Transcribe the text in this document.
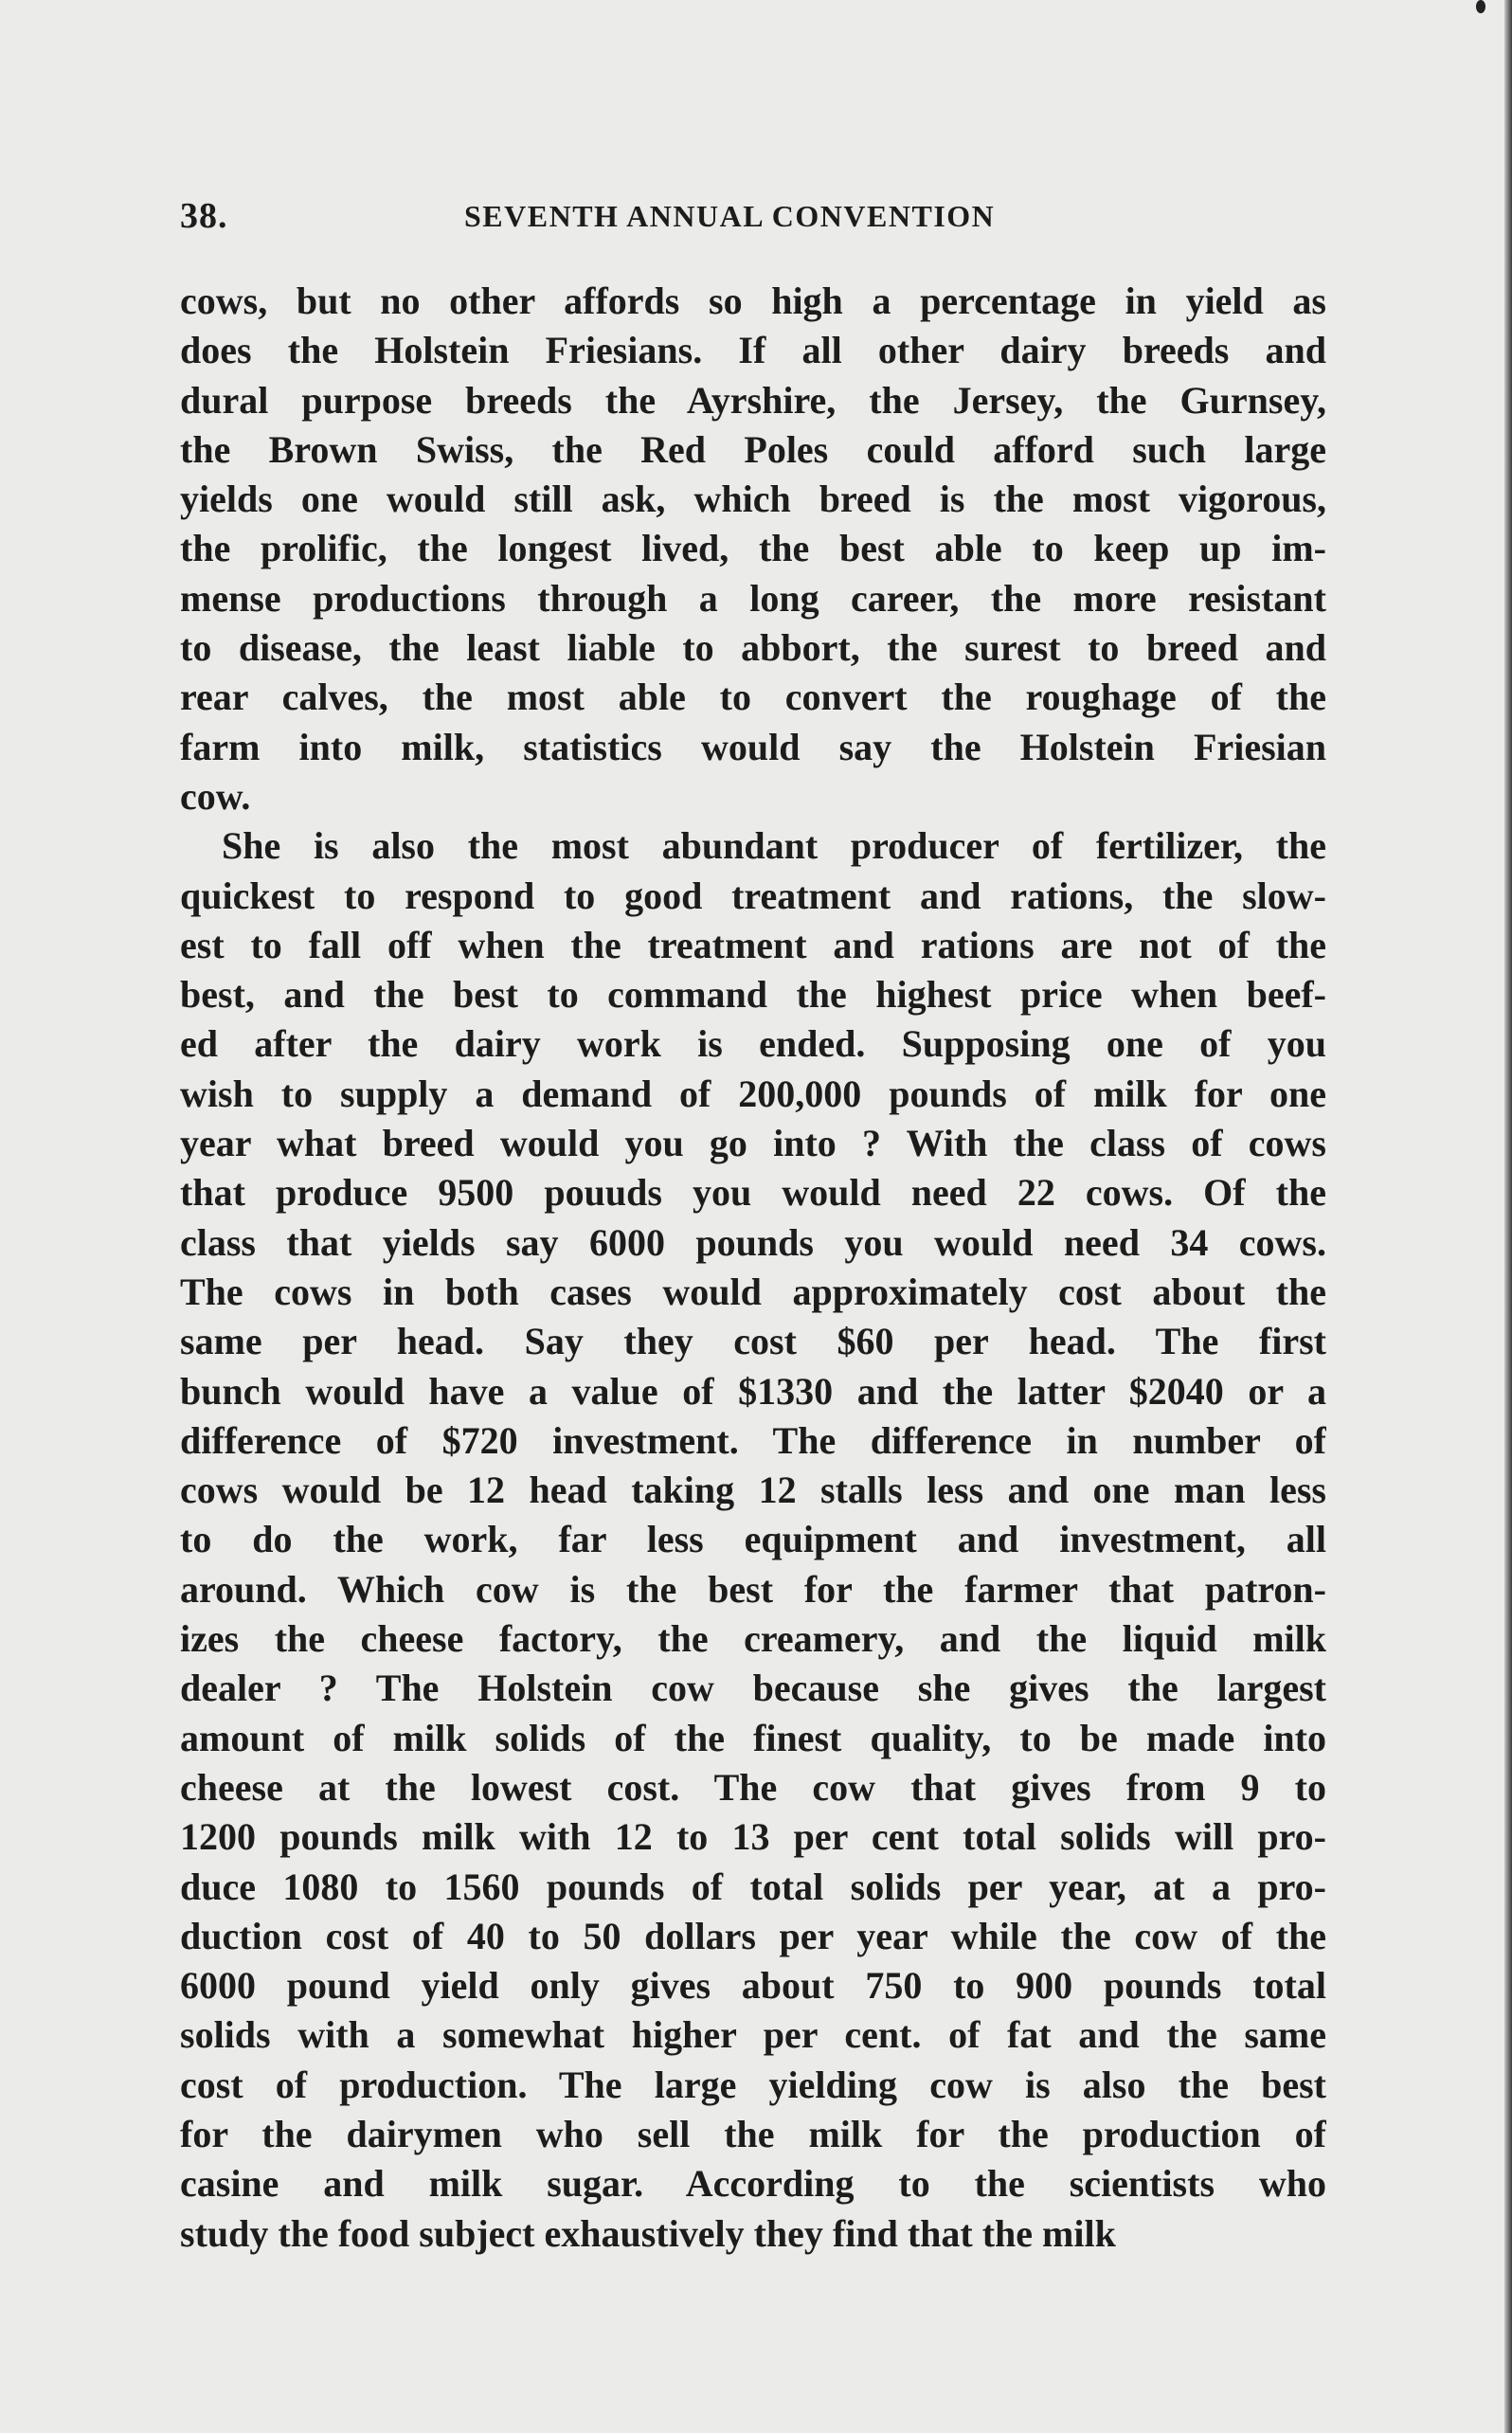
38.	SEVENTH ANNUAL CONVENTION
cows, but no other affords so high a percentage in yield as
does the Holstein Friesians. If all other dairy breeds and
dural purpose breeds the Ayrshire, the Jersey, the Gurnsey,
the Brown Swiss, the Red Poles could afford such large
yields one would still ask, which breed is the most vigorous,
the prolific, the longest lived, the best able to keep up im-
mense productions through a long career, the more resistant
to disease, the least liable to abbort, the surest to breed and
rear calves, the most able to convert the roughage of the
farm into milk, statistics would say the Holstein Friesian
cow.
She is also the most abundant producer of fertilizer, the
quickest to respond to good treatment and rations, the slow-
est to fall off when the treatment and rations are not of the
best, and the best to command the highest price when beef-
ed after the dairy work is ended. Supposing one of you
wish to supply a demand of 200,000 pounds of milk for one
year what breed would you go into ? With the class of cows
that produce 9500 pouuds you would need 22 cows. Of the
class that yields say 6000 pounds you would need 34 cows.
The cows in both cases would approximately cost about the
same per head. Say they cost $60 per head. The first
bunch would have a value of $1330 and the latter $2040 or a
difference of $720 investment. The difference in number of
cows would be 12 head taking 12 stalls less and one man less
to do the work, far less equipment and investment, all
around. Which cow is the best for the farmer that patron-
izes the cheese factory, the creamery, and the liquid milk
dealer ? The Holstein cow because she gives the largest
amount of milk solids of the finest quality, to be made into
cheese at the lowest cost. The cow that gives from 9 to
1200 pounds milk with 12 to 13 per cent total solids will pro-
duce 1080 to 1560 pounds of total solids per year, at a pro-
duction cost of 40 to 50 dollars per year while the cow of the
6000 pound yield only gives about 750 to 900 pounds total
solids with a somewhat higher per cent. of fat and the same
cost of production. The large yielding cow is also the best
for the dairymen who sell the milk for the production of
casine and milk sugar. According to the scientists who
study the food subject exhaustively they find that the milk
